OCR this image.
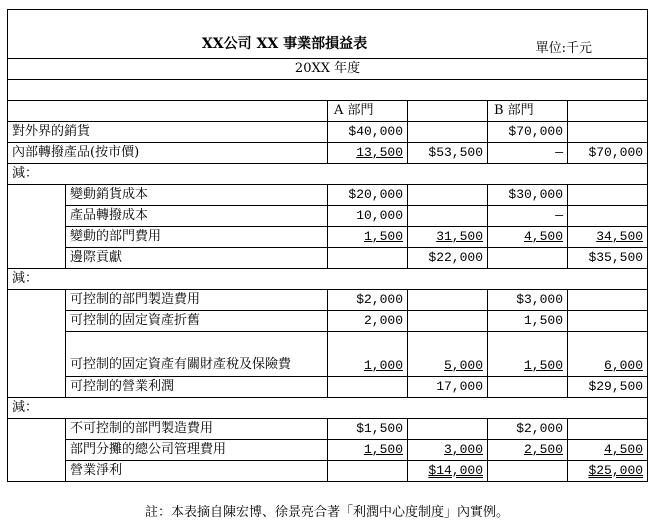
單位:千元
XX公司 XX 事業部損益表					
20XX 年度					

		A 部門		B 部門	
對外界的銷貨		$40,000		$70,000	
內部轉撥產品(按市價)		13,500	$53,500	—	$70,000
減：					
	變動銷貨成本	$20,000		$30,000	
	產品轉撥成本	10,000		—	
	變動的部門費用	1,500	31,500	4,500	34,500
	邊際貢獻		$22,000		$35,500
減：					
	可控制的部門製造費用	$2,000		$3,000	
	可控制的固定資產折舊	2,000		1,500	
	可控制的固定資產有關財產稅及保險費	1,000	5,000	1,500	6,000
	可控制的營業利潤		17,000		$29,500
減：					
	不可控制的部門製造費用	$1,500		$2,000	
	部門分攤的總公司管理費用	1,500	3,000	2,500	4,500
	營業淨利		$14,000		$25,000
註：本表摘自陳宏博、徐景亮合著「利潤中心度制度」內實例。
